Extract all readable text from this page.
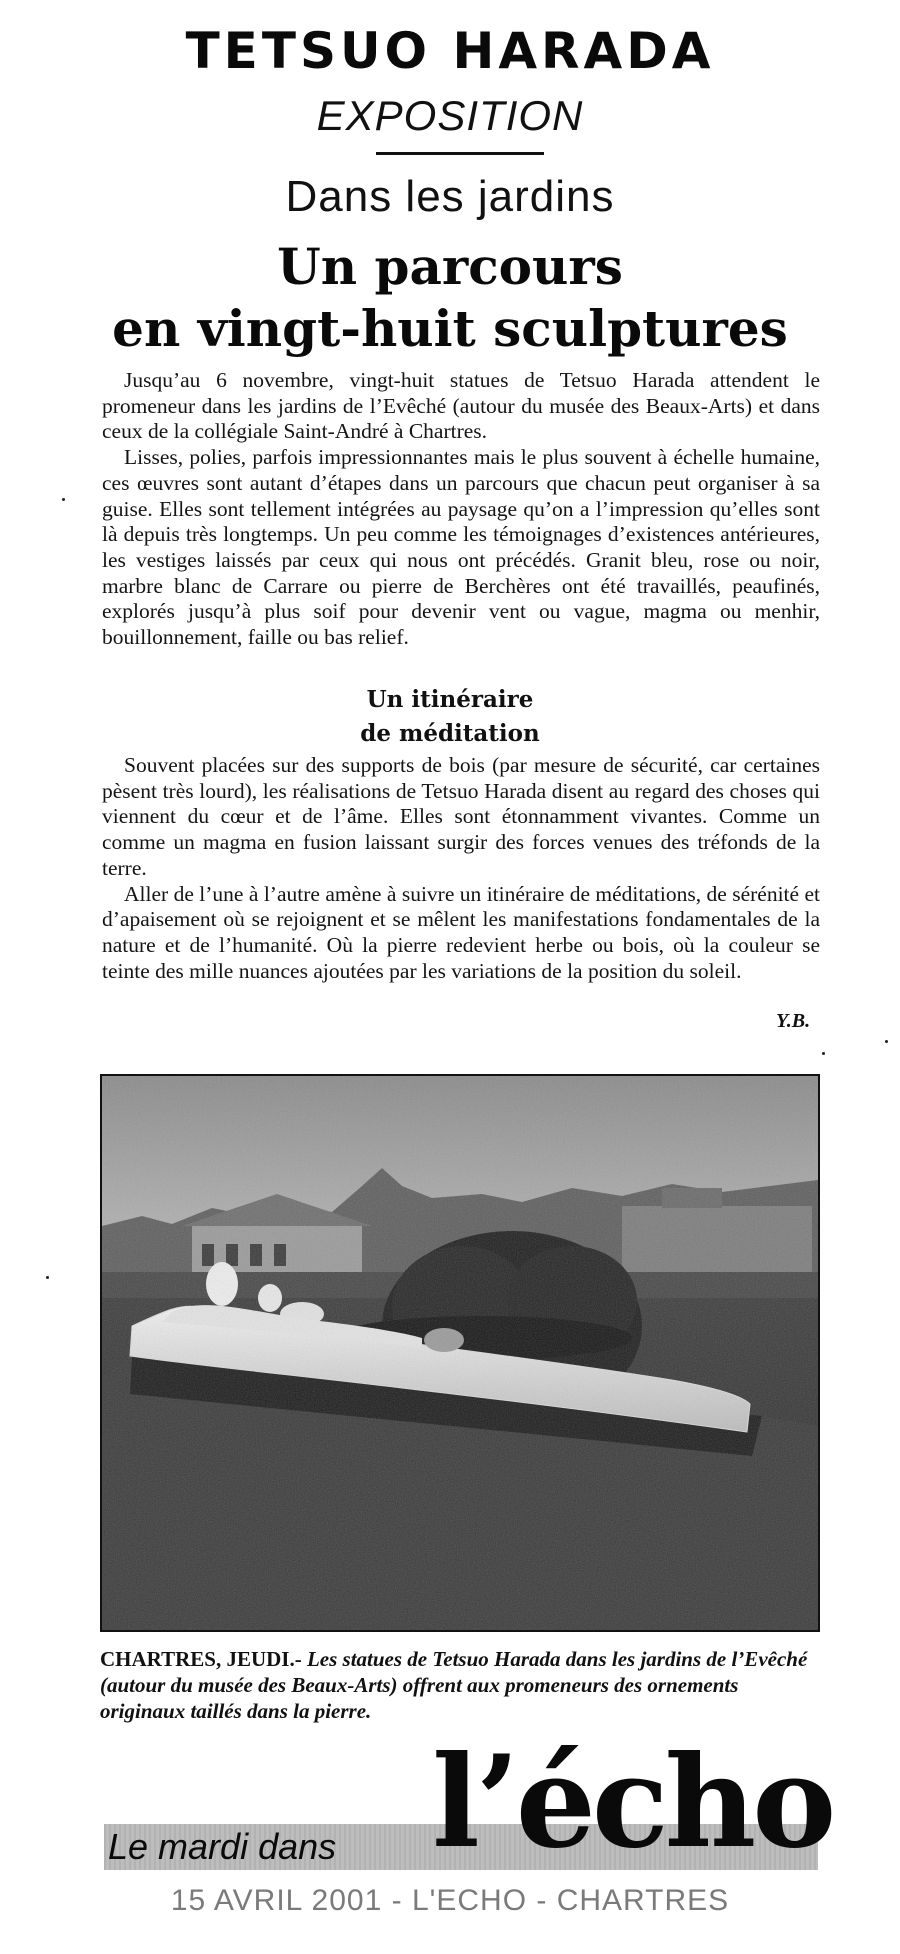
TETSUO HARADA
EXPOSITION
Dans les jardins
Un parcours
en vingt-huit sculptures

Jusqu’au 6 novembre, vingt-huit statues de Tetsuo Harada attendent le promeneur dans les jardins de l’Evêché (autour du musée des Beaux-Arts) et dans ceux de la collégiale Saint-André à Chartres.

Lisses, polies, parfois impressionnantes mais le plus souvent à échelle humaine, ces œuvres sont autant d’étapes dans un parcours que chacun peut organiser à sa guise. Elles sont tellement intégrées au paysage qu’on a l’impression qu’elles sont là depuis très longtemps. Un peu comme les témoignages d’existences antérieures, les vestiges laissés par ceux qui nous ont précédés. Granit bleu, rose ou noir, marbre blanc de Carrare ou pierre de Berchères ont été travaillés, peaufinés, explorés jusqu’à plus soif pour devenir vent ou vague, magma ou menhir, bouillonnement, faille ou bas relief.

Un itinéraire
de méditation

Souvent placées sur des supports de bois (par mesure de sécurité, car certaines pèsent très lourd), les réalisations de Tetsuo Harada disent au regard des choses qui viennent du cœur et de l’âme. Elles sont étonnamment vivantes. Comme un comme un magma en fusion laissant surgir des forces venues des tréfonds de la terre.

Aller de l’une à l’autre amène à suivre un itinéraire de méditations, de sérénité et d’apaisement où se rejoignent et se mêlent les manifestations fondamentales de la nature et de l’humanité. Où la pierre redevient herbe ou bois, où la couleur se teinte des mille nuances ajoutées par les variations de la position du soleil.

Y.B.
CHARTRES, JEUDI.- Les statues de Tetsuo Harada dans les jardins de l’Evêché (autour du musée des Beaux-Arts) offrent aux promeneurs des ornements originaux taillés dans la pierre.
Le mardi dans l’écho
15 AVRIL 2001 - L'ECHO - CHARTRES
